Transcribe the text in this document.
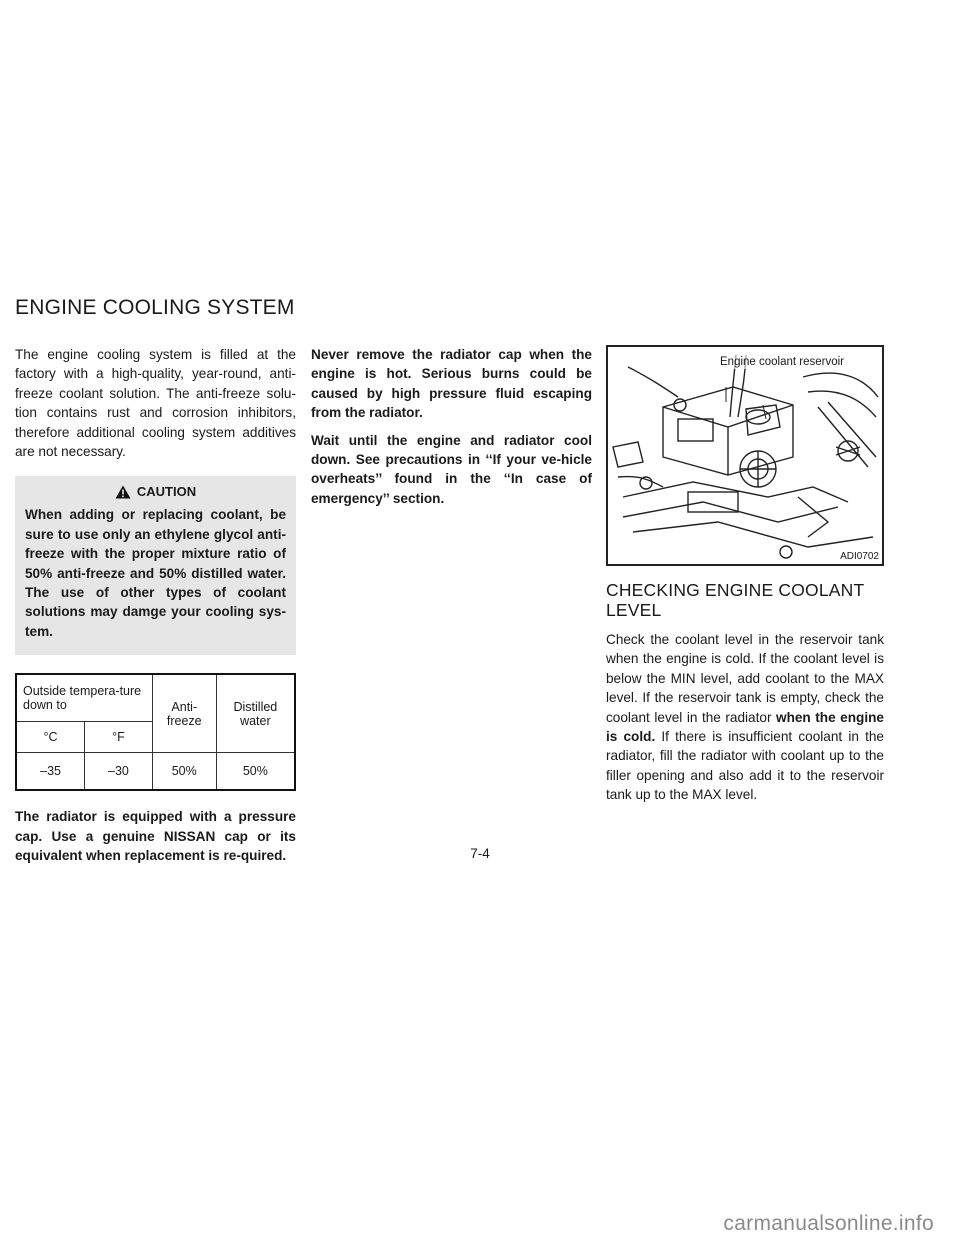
ENGINE COOLING SYSTEM

The engine cooling system is filled at the factory with a high-quality, year-round, anti-freeze coolant solution. The anti-freeze solu-tion contains rust and corrosion inhibitors, therefore additional cooling system additives are not necessary.

CAUTION

When adding or replacing coolant, be sure to use only an ethylene glycol anti-freeze with the proper mixture ratio of 50% anti-freeze and 50% distilled water. The use of other types of coolant solutions may damge your cooling sys-tem.

Outside tempera-ture down to		Anti-freeze	Distilled water
°C	°F		
–35	–30	50%	50%

The radiator is equipped with a pressure cap. Use a genuine NISSAN cap or its equivalent when replacement is re-quired.

Never remove the radiator cap when the engine is hot. Serious burns could be caused by high pressure fluid escaping from the radiator.

Wait until the engine and radiator cool down. See precautions in ‘‘If your ve-hicle overheats’’ found in the ‘‘In case of emergency’’ section.

Engine coolant reservoir
ADI0702
CHECKING ENGINE COOLANT LEVEL

Check the coolant level in the reservoir tank when the engine is cold. If the coolant level is below the MIN level, add coolant to the MAX level. If the reservoir tank is empty, check the coolant level in the radiator when the engine is cold. If there is insufficient coolant in the radiator, fill the radiator with coolant up to the filler opening and also add it to the reservoir tank up to the MAX level.

7-4
carmanualsonline.info
